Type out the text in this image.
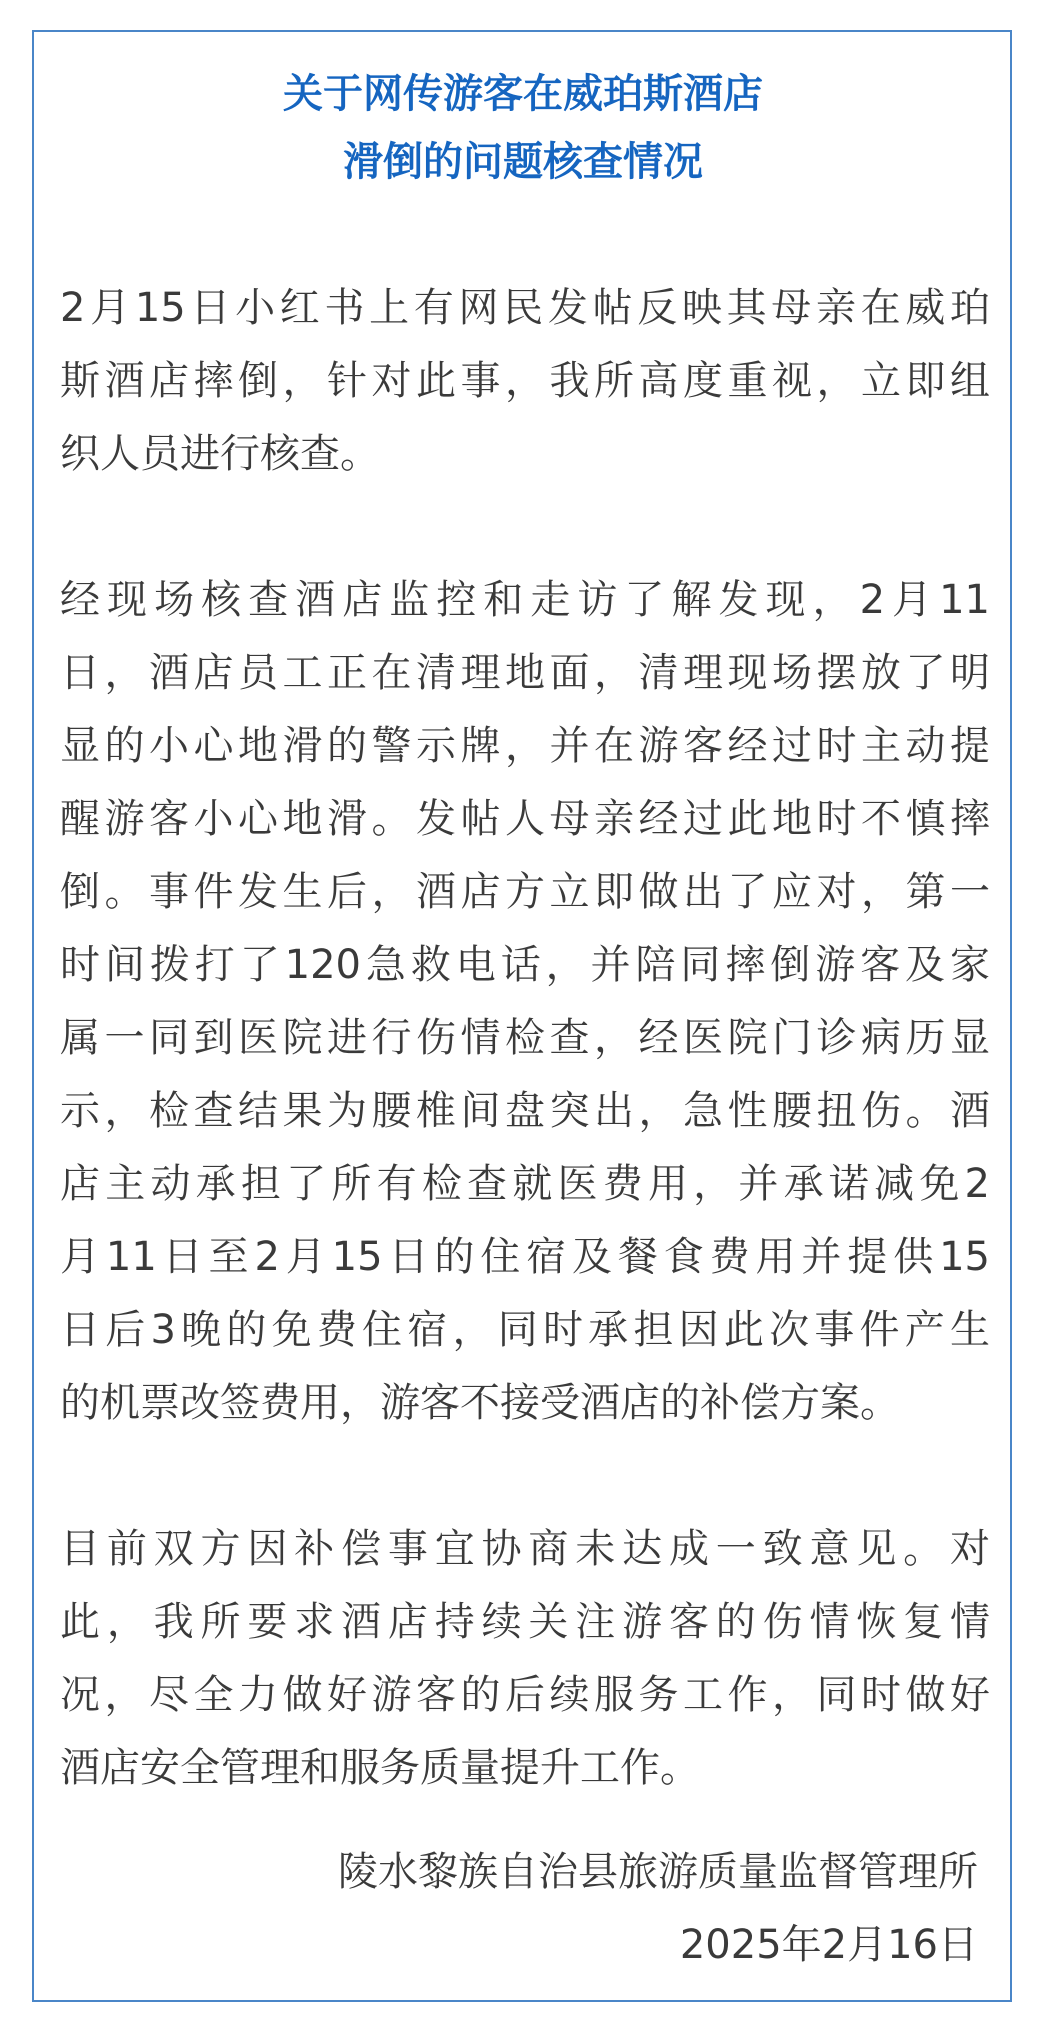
关于网传游客在威珀斯酒店
滑倒的问题核查情况
2月15日小红书上有网民发帖反映其母亲在威珀
斯酒店摔倒，针对此事，我所高度重视，立即组
织人员进行核查。
经现场核查酒店监控和走访了解发现，2月11
日，酒店员工正在清理地面，清理现场摆放了明
显的小心地滑的警示牌，并在游客经过时主动提
醒游客小心地滑。发帖人母亲经过此地时不慎摔
倒。事件发生后，酒店方立即做出了应对，第一
时间拨打了120急救电话，并陪同摔倒游客及家
属一同到医院进行伤情检查，经医院门诊病历显
示，检查结果为腰椎间盘突出，急性腰扭伤。酒
店主动承担了所有检查就医费用，并承诺减免2
月11日至2月15日的住宿及餐食费用并提供15
日后3晚的免费住宿，同时承担因此次事件产生
的机票改签费用，游客不接受酒店的补偿方案。
目前双方因补偿事宜协商未达成一致意见。对
此，我所要求酒店持续关注游客的伤情恢复情
况，尽全力做好游客的后续服务工作，同时做好
酒店安全管理和服务质量提升工作。
陵水黎族自治县旅游质量监督管理所
2025年2月16日
